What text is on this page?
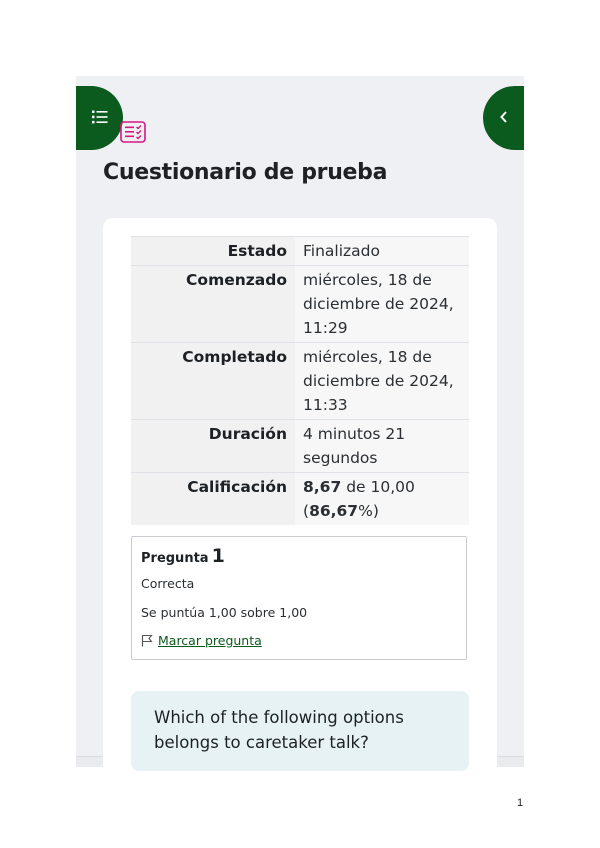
Cuestionario de prueba
Estado	Finalizado
Comenzado	miércoles, 18 de diciembre de 2024, 11:29
Completado	miércoles, 18 de diciembre de 2024, 11:33
Duración	4 minutos 21 segundos
Calificación	8,67 de 10,00
(86,67%)
Pregunta 1
Correcta
Se puntúa 1,00 sobre 1,00
Marcar pregunta

Which of the following options belongs to caretaker talk?

1
